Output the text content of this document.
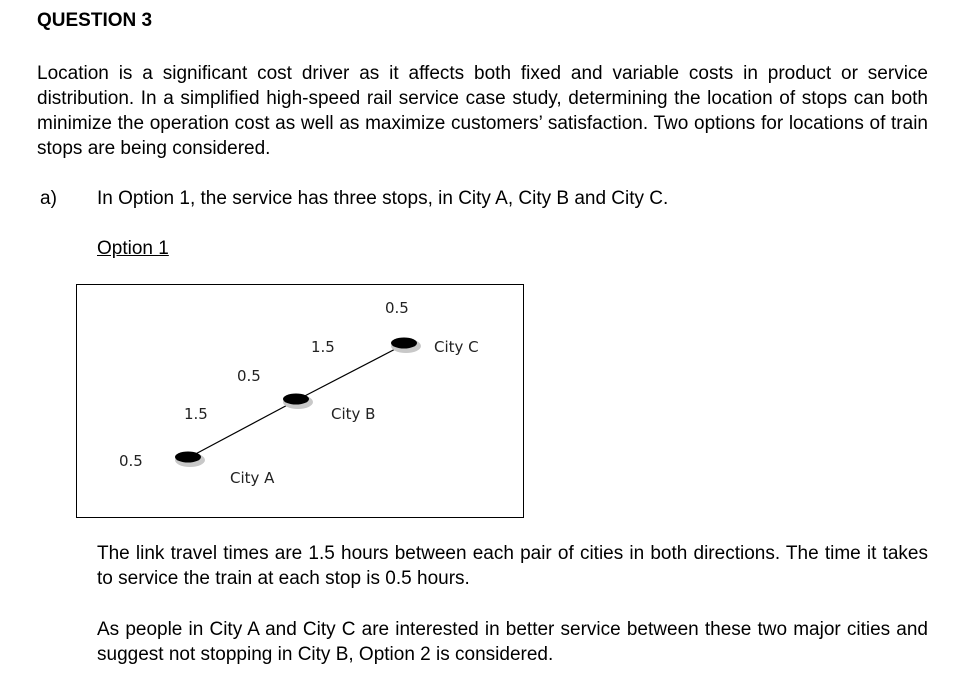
QUESTION 3

Location is a significant cost driver as it affects both fixed and variable costs in product or service distribution. In a simplified high-speed rail service case study, determining the location of stops can both minimize the operation cost as well as maximize customers’ satisfaction. Two options for locations of train stops are being considered.

a) In Option 1, the service has three stops, in City A, City B and City C.

Option 1

0.5
0.5
0.5
1.5
1.5
City A
City B
City C

The link travel times are 1.5 hours between each pair of cities in both directions. The time it takes to service the train at each stop is 0.5 hours.

As people in City A and City C are interested in better service between these two major cities and suggest not stopping in City B, Option 2 is considered.
